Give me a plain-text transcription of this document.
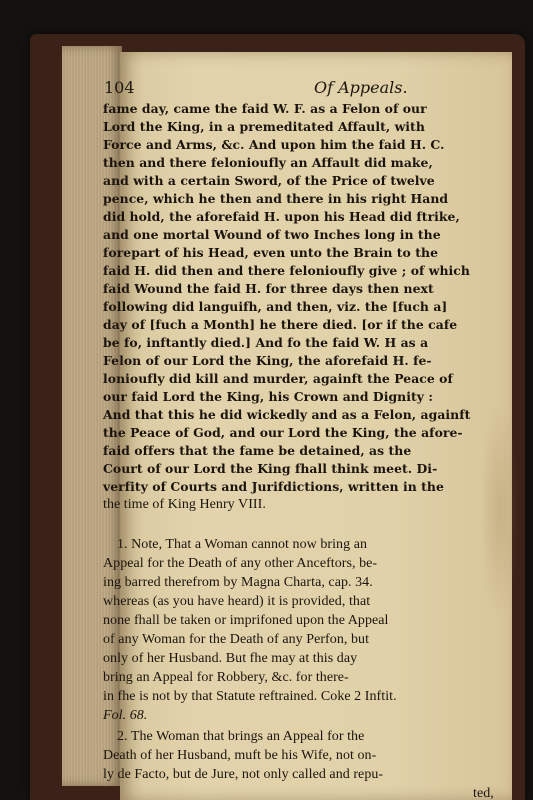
104	Of Appeals.
fame day, came the faid W. F. as a Felon of our
Lord the King, in a premeditated Affault, with
Force and Arms, &c. And upon him the faid H. C.
then and there felonioufly an Affault did make,
and with a certain Sword, of the Price of twelve
pence, which he then and there in his right Hand
did hold, the aforefaid H. upon his Head did ftrike,
and one mortal Wound of two Inches long in the
forepart of his Head, even unto the Brain to the
faid H. did then and there felonioufly give ; of which
faid Wound the faid H. for three days then next
following did languifh, and then, viz. the [fuch a]
day of [fuch a Month] he there died. [or if the cafe
be fo, inftantly died.] And fo the faid W. H as a
Felon of our Lord the King, the aforefaid H. fe-
lonioufly did kill and murder, againft the Peace of
our faid Lord the King, his Crown and Dignity :
And that this he did wickedly and as a Felon, againft
the Peace of God, and our Lord the King, the afore-
faid offers that the fame be detained, as the
Court of our Lord the King fhall think meet. Di-
verfity of Courts and Jurifdictions, written in the
the time of King Henry VIII.
1. Note, That a Woman cannot now bring an
Appeal for the Death of any other Anceftors, be-
ing barred therefrom by Magna Charta, cap. 34.
whereas (as you have heard) it is provided, that
none fhall be taken or imprifoned upon the Appeal
of any Woman for the Death of any Perfon, but
only of her Husband. But fhe may at this day
bring an Appeal for Robbery, &c. for there-
in fhe is not by that Statute reftrained. Coke 2 Inftit.
Fol. 68.
2. The Woman that brings an Appeal for the
Death of her Husband, muft be his Wife, not on-
ly de Facto, but de Jure, not only called and repu-
ted,
